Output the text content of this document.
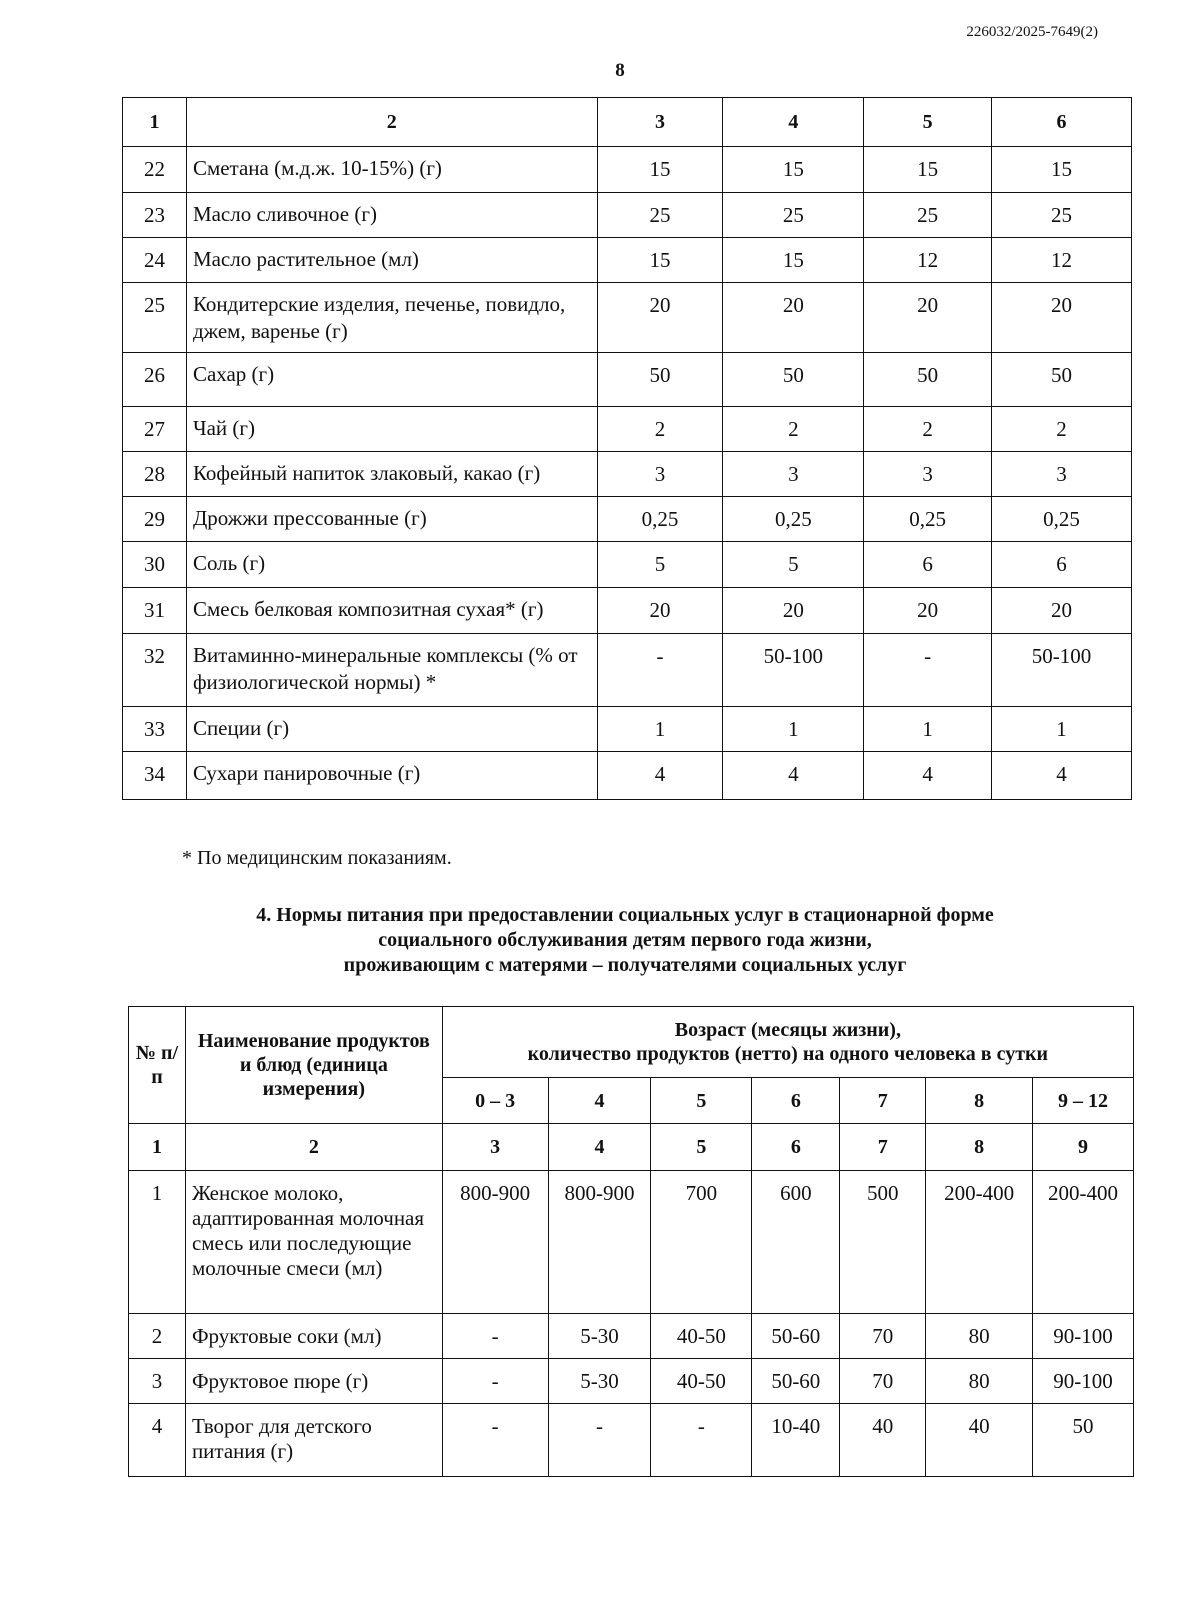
226032/2025-7649(2)
8
1	2	3	4	5	6
22	Сметана (м.д.ж. 10-15%) (г)	15	15	15	15
23	Масло сливочное (г)	25	25	25	25
24	Масло растительное (мл)	15	15	12	12
25	Кондитерские изделия, печенье, повидло, джем, варенье (г)	20	20	20	20
26	Сахар (г)	50	50	50	50
27	Чай (г)	2	2	2	2
28	Кофейный напиток злаковый, какао (г)	3	3	3	3
29	Дрожжи прессованные (г)	0,25	0,25	0,25	0,25
30	Соль (г)	5	5	6	6
31	Смесь белковая композитная сухая* (г)	20	20	20	20
32	Витаминно-минеральные комплексы (% от физиологической нормы) *	-	50-100	-	50-100
33	Специи (г)	1	1	1	1
34	Сухари панировочные (г)	4	4	4	4
* По медицинским показаниям.
4. Нормы питания при предоставлении социальных услуг в стационарной форме
социального обслуживания детям первого года жизни,
проживающим с матерями – получателями социальных услуг
№ п/п	Наименование продуктов и блюд (единица измерения)	Возраст (месяцы жизни),
количество продуктов (нетто) на одного человека в сутки						

		0 – 3	4	5	6	7	8	9 – 12
1	2	3	4	5	6	7	8	9
1	Женское молоко, адаптированная молочная смесь или последующие молочные смеси (мл)	800-900	800-900	700	600	500	200-400	200-400
2	Фруктовые соки (мл)	-	5-30	40-50	50-60	70	80	90-100
3	Фруктовое пюре (г)	-	5-30	40-50	50-60	70	80	90-100
4	Творог для детского питания (г)	-	-	-	10-40	40	40	50
